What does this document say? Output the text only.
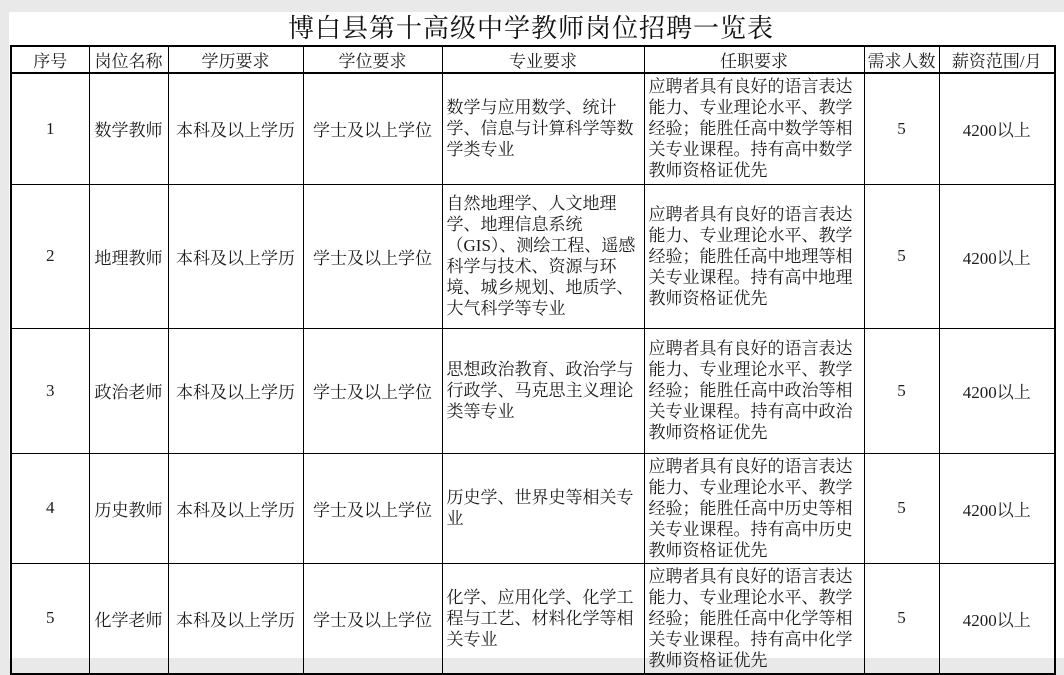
博白县第十高级中学教师岗位招聘一览表
序号	岗位名称	学历要求	学位要求	专业要求	任职要求	需求人数	薪资范围/月
1	数学教师	本科及以上学历	学士及以上学位	数学与应用数学、统计学、信息与计算科学等数学类专业	应聘者具有良好的语言表达能力、专业理论水平、教学经验；能胜任高中数学等相关专业课程。持有高中数学教师资格证优先	5	4200以上
2	地理教师	本科及以上学历	学士及以上学位	自然地理学、人文地理学、地理信息系统（GIS）、测绘工程、遥感科学与技术、资源与环境、城乡规划、地质学、大气科学等专业	应聘者具有良好的语言表达能力、专业理论水平、教学经验；能胜任高中地理等相关专业课程。持有高中地理教师资格证优先	5	4200以上
3	政治老师	本科及以上学历	学士及以上学位	思想政治教育、政治学与行政学、马克思主义理论类等专业	应聘者具有良好的语言表达能力、专业理论水平、教学经验；能胜任高中政治等相关专业课程。持有高中政治教师资格证优先	5	4200以上
4	历史教师	本科及以上学历	学士及以上学位	历史学、世界史等相关专业	应聘者具有良好的语言表达能力、专业理论水平、教学经验；能胜任高中历史等相关专业课程。持有高中历史教师资格证优先	5	4200以上
5	化学老师	本科及以上学历	学士及以上学位	化学、应用化学、化学工程与工艺、材料化学等相关专业	应聘者具有良好的语言表达能力、专业理论水平、教学经验；能胜任高中化学等相关专业课程。持有高中化学教师资格证优先	5	4200以上
